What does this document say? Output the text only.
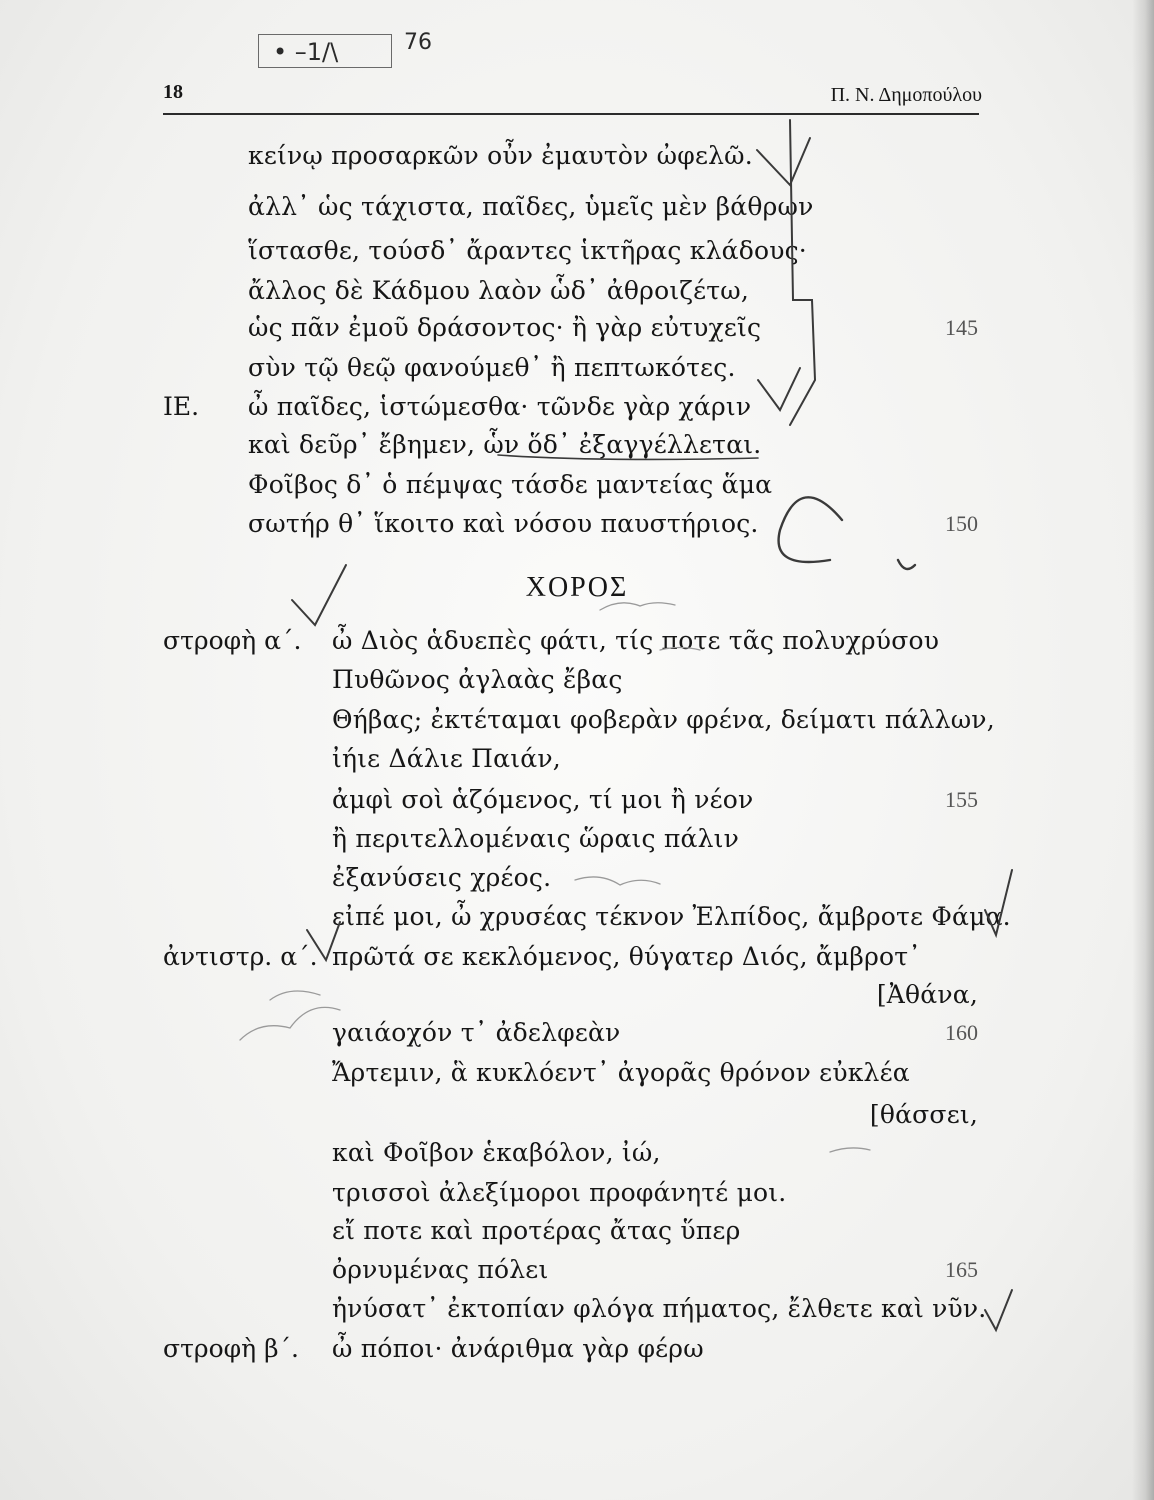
• –1/\	76
18	Π. Ν. Δημοπούλου
κείνῳ προσαρκῶν οὖν ἐμαυτὸν ὠφελῶ.
ἀλλ᾽ ὡς τάχιστα, παῖδες, ὑμεῖς μὲν βάθρων
ἵστασθε, τούσδ᾽ ἄραντες ἱκτῆρας κλάδους·
ἄλλος δὲ Κάδμου λαὸν ὧδ᾽ ἀθροιζέτω,
ὡς πᾶν ἐμοῦ δράσοντος· ἢ γὰρ εὐτυχεῖς	145
σὺν τῷ θεῷ φανούμεθ᾽ ἢ πεπτωκότες.
ΙΕ. ὦ παῖδες, ἱστώμεσθα· τῶνδε γὰρ χάριν
καὶ δεῦρ᾽ ἔβημεν, ὧν ὅδ᾽ ἐξαγγέλλεται.
Φοῖβος δ᾽ ὁ πέμψας τάσδε μαντείας ἅμα
σωτήρ θ᾽ ἵκοιτο καὶ νόσου παυστήριος.	150
ΧΟΡΟΣ
στροφὴ α΄. ὦ Διὸς ἁδυεπὲς φάτι, τίς ποτε τᾶς πολυχρύσου
Πυθῶνος ἀγλαὰς ἔβας
Θήβας; ἐκτέταμαι φοβερὰν φρένα, δείματι πάλλων,
ἰήιε Δάλιε Παιάν,
ἀμφὶ σοὶ ἁζόμενος, τί μοι ἢ νέον	155
ἢ περιτελλομέναις ὥραις πάλιν
ἐξανύσεις χρέος.
εἰπέ μοι, ὦ χρυσέας τέκνον Ἐλπίδος, ἄμβροτε Φάμα.
ἀντιστρ. α΄. πρῶτά σε κεκλόμενος, θύγατερ Διός, ἄμβροτ᾽
[Ἀθάνα,
γαιάοχόν τ᾽ ἀδελφεὰν	160
Ἄρτεμιν, ἃ κυκλόεντ᾽ ἀγορᾶς θρόνον εὐκλέα
[θάσσει,
καὶ Φοῖβον ἑκαβόλον, ἰώ,
τρισσοὶ ἀλεξίμοροι προφάνητέ μοι.
εἴ ποτε καὶ προτέρας ἄτας ὕπερ
ὀρνυμένας πόλει	165
ἠνύσατ᾽ ἐκτοπίαν φλόγα πήματος, ἔλθετε καὶ νῦν.
στροφὴ β΄. ὦ πόποι· ἀνάριθμα γὰρ φέρω
